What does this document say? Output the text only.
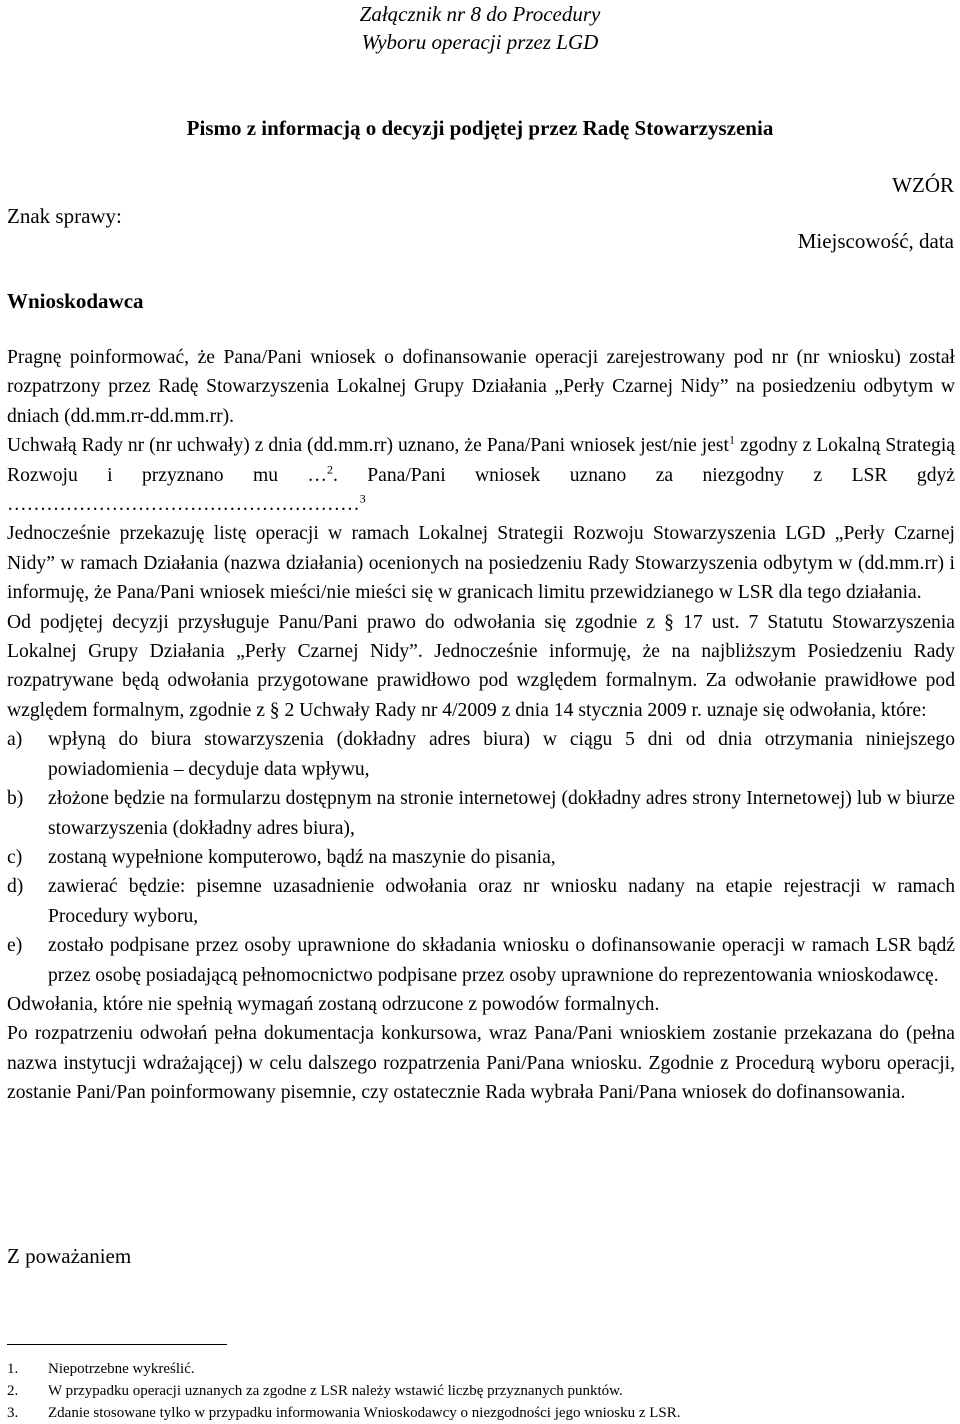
Załącznik nr 8 do Procedury
Wyboru operacji przez LGD
Pismo z informacją o decyzji podjętej przez Radę Stowarzyszenia
WZÓR
Znak sprawy:
Miejscowość, data
Wnioskodawca
Pragnę poinformować, że Pana/Pani wniosek o dofinansowanie operacji zarejestrowany pod nr (nr wniosku) został rozpatrzony przez Radę Stowarzyszenia Lokalnej Grupy Działania „Perły Czarnej Nidy” na posiedzeniu odbytym w dniach (dd.mm.rr-dd.mm.rr).
Uchwałą Rady nr (nr uchwały) z dnia (dd.mm.rr) uznano, że Pana/Pani wniosek jest/nie jest$^1$ zgodny z Lokalną Strategią Rozwoju i przyznano mu …$^2$. Pana/Pani wniosek uznano za niezgodny z LSR gdyż ………………………………………………$^3$
Jednocześnie przekazuję listę operacji w ramach Lokalnej Strategii Rozwoju Stowarzyszenia LGD „Perły Czarnej Nidy” w ramach Działania (nazwa działania) ocenionych na posiedzeniu Rady Stowarzyszenia odbytym w (dd.mm.rr) i informuję, że Pana/Pani wniosek mieści/nie mieści się w granicach limitu przewidzianego w LSR dla tego działania.
Od podjętej decyzji przysługuje Panu/Pani prawo do odwołania się zgodnie z § 17 ust. 7 Statutu Stowarzyszenia Lokalnej Grupy Działania „Perły Czarnej Nidy”. Jednocześnie informuję, że na najbliższym Posiedzeniu Rady rozpatrywane będą odwołania przygotowane prawidłowo pod względem formalnym. Za odwołanie prawidłowe pod względem formalnym, zgodnie z § 2 Uchwały Rady nr 4/2009 z dnia 14 stycznia 2009 r. uznaje się odwołania, które:
a)	wpłyną do biura stowarzyszenia (dokładny adres biura) w ciągu 5 dni od dnia otrzymania niniejszego powiadomienia – decyduje data wpływu,
b)	złożone będzie na formularzu dostępnym na stronie internetowej (dokładny adres strony Internetowej) lub w biurze stowarzyszenia (dokładny adres biura),
c)	zostaną wypełnione komputerowo, bądź na maszynie do pisania,
d)	zawierać będzie: pisemne uzasadnienie odwołania oraz nr wniosku nadany na etapie rejestracji w ramach Procedury wyboru,
e)	zostało podpisane przez osoby uprawnione do składania wniosku o dofinansowanie operacji w ramach LSR bądź przez osobę posiadającą pełnomocnictwo podpisane przez osoby uprawnione do reprezentowania wnioskodawcę.
Odwołania, które nie spełnią wymagań zostaną odrzucone z powodów formalnych.
Po rozpatrzeniu odwołań pełna dokumentacja konkursowa, wraz Pana/Pani wnioskiem zostanie przekazana do (pełna nazwa instytucji wdrażającej) w celu dalszego rozpatrzenia Pani/Pana wniosku. Zgodnie z Procedurą wyboru operacji, zostanie Pani/Pan poinformowany pisemnie, czy ostatecznie Rada wybrała Pani/Pana wniosek do dofinansowania.
Z poważaniem
1.	Niepotrzebne wykreślić.
2.	W przypadku operacji uznanych za zgodne z LSR należy wstawić liczbę przyznanych punktów.
3.	Zdanie stosowane tylko w przypadku informowania Wnioskodawcy o niezgodności jego wniosku z LSR.
